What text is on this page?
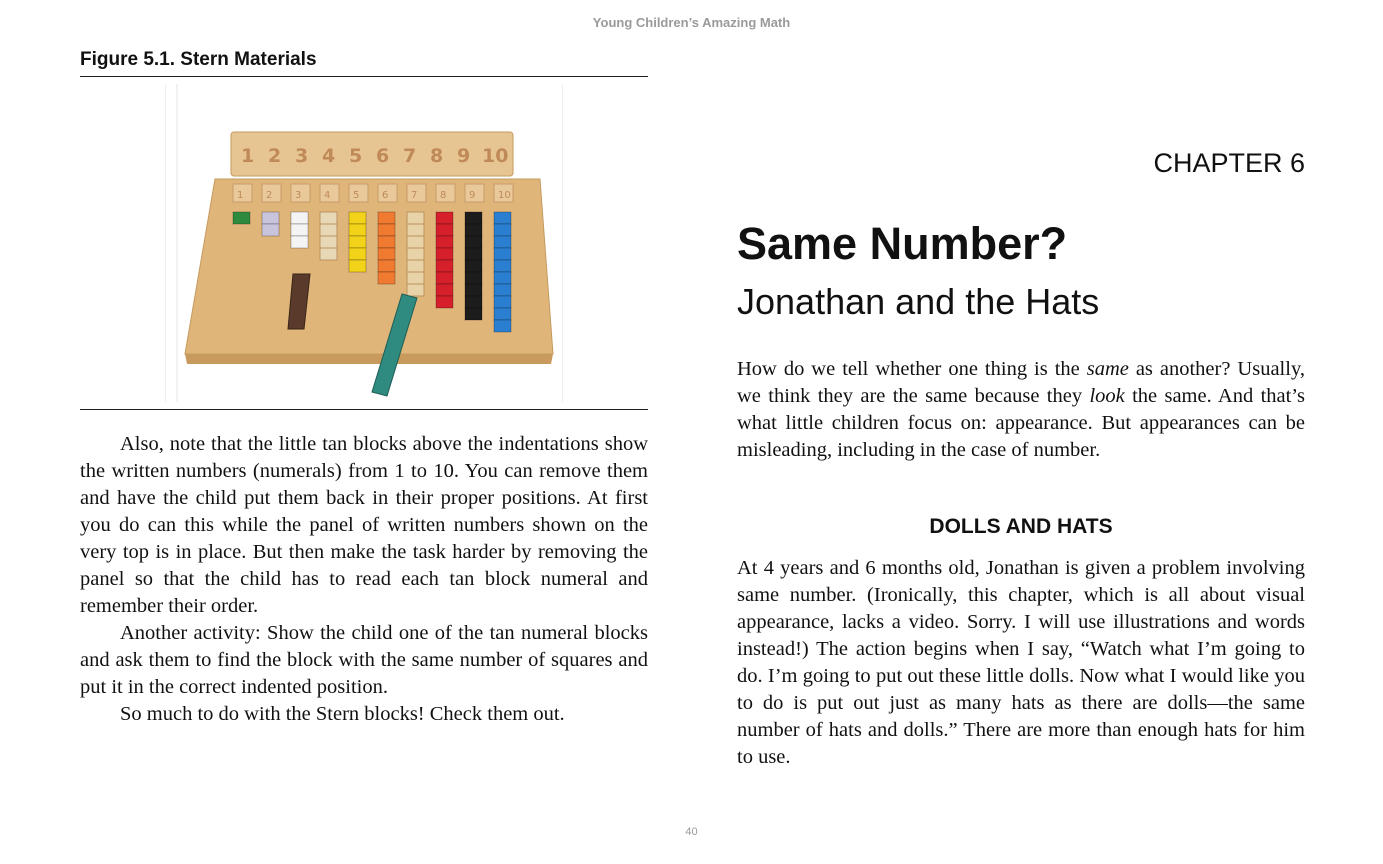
Young Children’s Amazing Math
Figure 5.1. Stern Materials
1 2 3 4 5 6 7 8 9 10
1 2 3 4 5 6 7 8 9 10

Also, note that the little tan blocks above the indentations show the written numbers (numerals) from 1 to 10. You can remove them and have the child put them back in their proper positions. At first you do can this while the panel of written numbers shown on the very top is in place. But then make the task harder by removing the panel so that the child has to read each tan block numeral and remember their order.

Another activity: Show the child one of the tan numeral blocks and ask them to find the block with the same number of squares and put it in the correct indented position.

So much to do with the Stern blocks! Check them out.

CHAPTER 6
Same Number?
Jonathan and the Hats

How do we tell whether one thing is the same as another? Usually, we think they are the same because they look the same. And that’s what little children focus on: appearance. But appearances can be misleading, including in the case of number.

DOLLS AND HATS

At 4 years and 6 months old, Jonathan is given a problem involving same number. (Ironically, this chapter, which is all about visual appearance, lacks a video. Sorry. I will use illustrations and words instead!) The action begins when I say, “Watch what I’m going to do. I’m going to put out these little dolls. Now what I would like you to do is put out just as many hats as there are dolls—the same number of hats and dolls.” There are more than enough hats for him to use.

40
